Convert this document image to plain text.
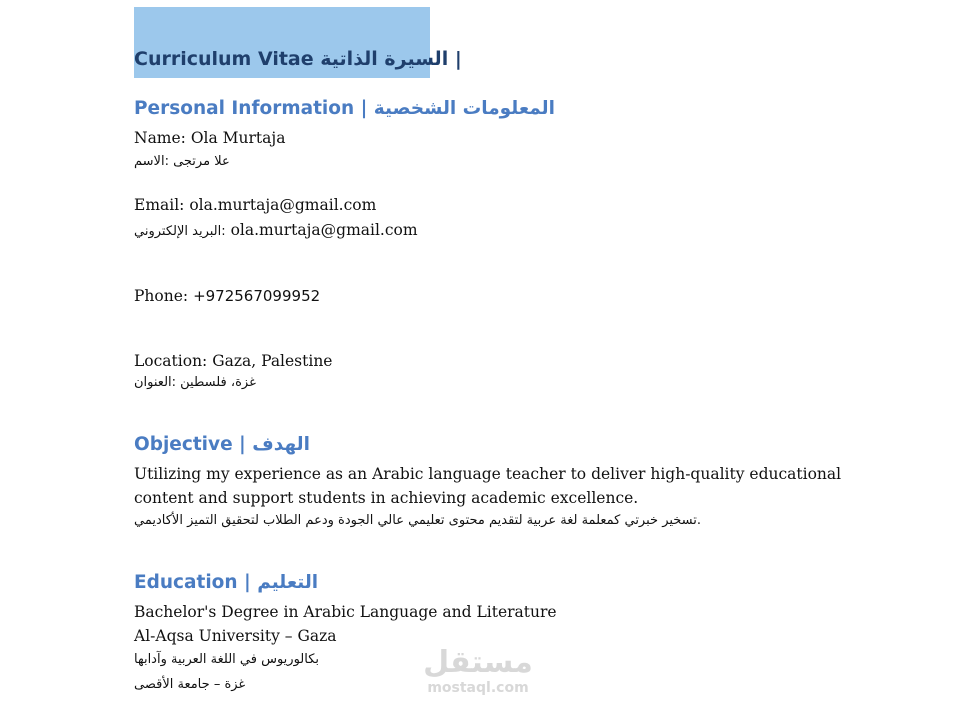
Curriculum Vitae السيرة الذاتية |
Personal Information | المعلومات الشخصية
Name: Ola Murtaja
علا مرتجى :الاسم
Email: ola.murtaja@gmail.com
البريد الإلكتروني: ola.murtaja@gmail.com
Phone: +972567099952
Location: Gaza, Palestine
غزة، فلسطين :العنوان
Objective | الهدف
Utilizing my experience as an Arabic language teacher to deliver high-quality educational
content and support students in achieving academic excellence.
تسخير خبرتي كمعلمة لغة عربية لتقديم محتوى تعليمي عالي الجودة ودعم الطلاب لتحقيق التميز الأكاديمي.
Education | التعليم
Bachelor's Degree in Arabic Language and Literature
Al-Aqsa University – Gaza
بكالوريوس في اللغة العربية وآدابها
غزة – جامعة الأقصى
مستقل
mostaql.com
